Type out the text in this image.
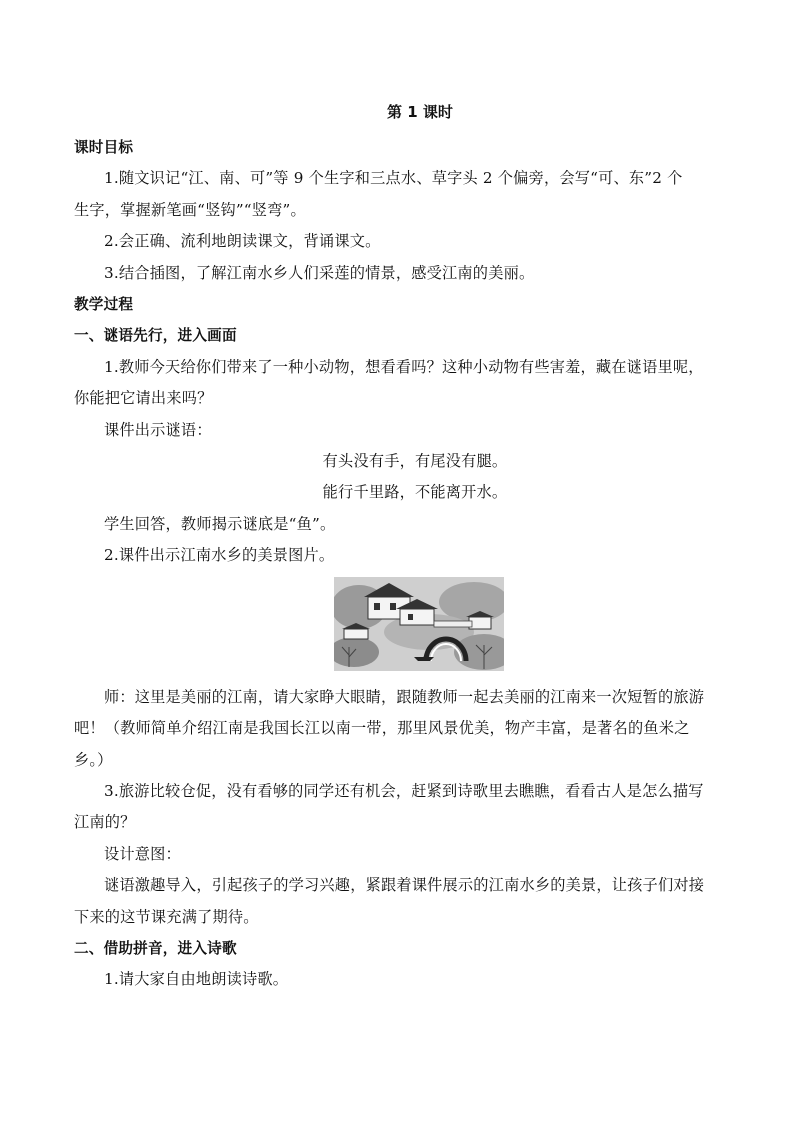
第 1 课时

课时目标

1.随文识记“江、南、可”等 9 个生字和三点水、草字头 2 个偏旁，会写“可、东”2 个

生字，掌握新笔画“竖钩”“竖弯”。

2.会正确、流利地朗读课文，背诵课文。

3.结合插图，了解江南水乡人们采莲的情景，感受江南的美丽。

教学过程

一、谜语先行，进入画面

1.教师今天给你们带来了一种小动物，想看看吗？这种小动物有些害羞，藏在谜语里呢，

你能把它请出来吗？

课件出示谜语：

有头没有手，有尾没有腿。

能行千里路，不能离开水。

学生回答，教师揭示谜底是“鱼”。

2.课件出示江南水乡的美景图片。

师：这里是美丽的江南，请大家睁大眼睛，跟随教师一起去美丽的江南来一次短暂的旅游

吧！（教师简单介绍江南是我国长江以南一带，那里风景优美，物产丰富，是著名的鱼米之

乡。）

3.旅游比较仓促，没有看够的同学还有机会，赶紧到诗歌里去瞧瞧，看看古人是怎么描写

江南的？

设计意图：

谜语激趣导入，引起孩子的学习兴趣，紧跟着课件展示的江南水乡的美景，让孩子们对接

下来的这节课充满了期待。

二、借助拼音，进入诗歌

1.请大家自由地朗读诗歌。
